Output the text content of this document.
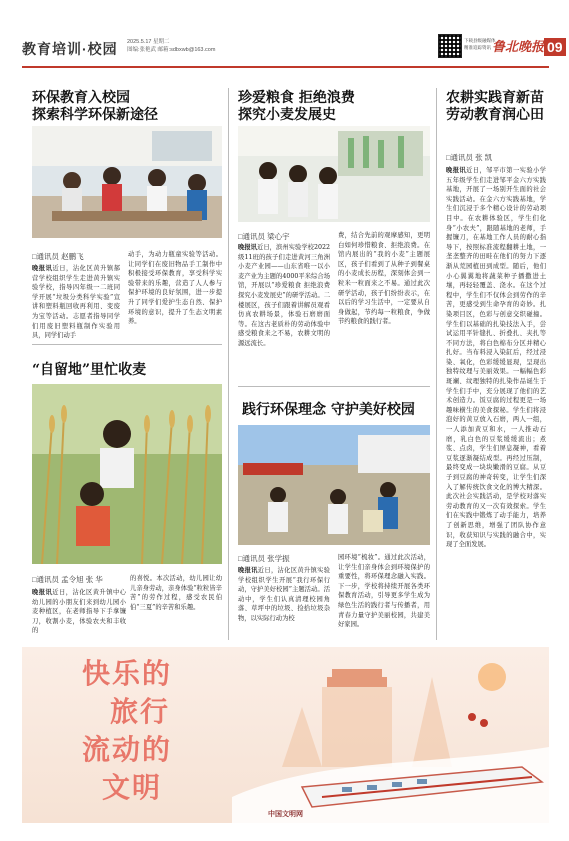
教育培训·校园 2025.5.17 星期二
图编:张艳武 邮箱:sdbxwb@163.com
下载县级融媒体
精准追踪资讯 鲁北晚报 09
环保教育入校园
探索科学环保新途径
□通讯员 赵鹏飞
晚报讯近日，沾化区黄升镇郝营学校组织学生走进黄升镇实验学校，指导四年级一二班同学开展“垃圾分类科学实验”宣讲和塑料瓶回收再利用、变废为宝等活动。志愿者指导同学们用废旧塑料瓶制作实验用具，同学们动手
动手，为动力瓶童实验等活动。让同学们在废旧物品手工制作中积极接受环保教育，享受科学实验带来的乐趣，营造了人人参与保护环境的良好氛围，进一步提升了同学们爱护生态自然、保护环境的意识，提升了生态文明素养。
“自留地”里忙收麦
□通讯员 孟令旭 张 华
晚报讯近日，沾化区黄升镇中心幼儿园的小朋友们来到幼儿园小麦种植区，在老师指导下手拿镰刀，收割小麦，体验农夫和丰收的
的喜悦。本次活动，幼儿园让幼儿亲身劳动，亲身体验“粒粒皆辛苦”的劳作过程，感受农民伯伯“三夏”的辛苦和乐趣。
珍爱粮食 拒绝浪费
探究小麦发展史
□通讯员 梁心宇
晚报讯近日，滨州实验学校2022级11班的孩子们走进黄河三角洲小麦产业园——山东省唯一以小麦产业为主题的4000平米综合场馆，开展以“珍爱粮食 拒绝浪费 探究小麦发展史”的研学活动。二楼展区，孩子们跟着讲解员观看仿真农耕场景，体验石磨磨面等。在这古老质朴的劳动体验中感受粮食来之不易，农耕文明的源远流长。
费，结合先前的观摩感知，更明白如何珍惜粮食、拒绝浪费。在馆内展出的“我的小麦”主题展区，孩子们看到了从种子到餐桌的小麦成长历程，深刻体会到一粒米一粒面来之不易。通过此次研学活动，孩子们纷纷表示，在以后的学习生活中，一定要从自身做起，节约每一粒粮食，争做节约粮食的践行者。
践行环保理念 守护美好校园
□通讯员 张学振
晚报讯近日，沾化区黄升镇实验学校组织学生开展“我行环保行动，守护美好校园”主题活动。活动中，学生们认真清理校园角落、草坪中的垃圾、捡拾垃圾杂物，以实际行动为校
园环境“梳妆”。通过此次活动，让学生们亲身体会到环境保护的重要性，将环保理念融入实践。下一步，学校将持续开展各类环保教育活动，引导更多学生成为绿色生活的践行者与传播者，用青春力量守护美丽校园，共建美好家园。
农耕实践育新苗
劳动教育润心田
□通讯员 张 凯
晚报讯近日，邹平市第一实验小学五年级学生们走进邹平金六方实践基地，开展了一场别开生面的社会实践活动。在金六方实践基地，学生们沉浸于多个精心设计的劳动项目中。在农耕体验区，学生们化身“小农夫”，跟随基地的老师，手握镰刀，在基地工作人员的耐心指导下，按照标准流程翻耕土地，一垄垄整齐的田畦在他们的努力下逐渐从荒园植田到成型。随后，他们小心翼翼地将蔬菜种子播撒进土壤，再轻轻覆盖、浇水。在这个过程中，学生们不仅体会到劳作的辛苦，更感受到生命孕育的奇妙。扎染项目区，色彩与创意交织碰撞。学生们以基础的扎染技法入手，尝试运用平针缝扎、折叠扎、夹扎等不同方法，将白色棉布分区并精心扎好。当布料浸入染缸后，经过浸染、氧化，色彩缓缓显现，呈现出独特纹理与美丽效果。一幅幅色彩斑斓、纹理独特的扎染作品诞生于学生们手中，充分展现了他们的艺术创造力。饭豆腐的过程更是一场趣味横生的美食探秘。学生们将浸泡好的黄豆放入石磨，两人一组，一人添加黄豆和水，一人推动石磨，乳白色的豆浆缓缓流出；煮浆、点卤，学生们屏息凝神，看着豆浆逐渐凝结成型。再经过压制，最终变成一块块嫩滑的豆腐。从豆子到豆腐的神奇转变，让学生们深入了解传统饮食文化的博大精深。此次社会实践活动，是学校对落实劳动教育的又一次有效探索。学生们在实践中锻炼了动手能力，培养了创新思维，增强了团队协作意识，收获知识与实践的融合中，实现了全面发展。
快乐的
旅行
流动的
文明
中国文明网
